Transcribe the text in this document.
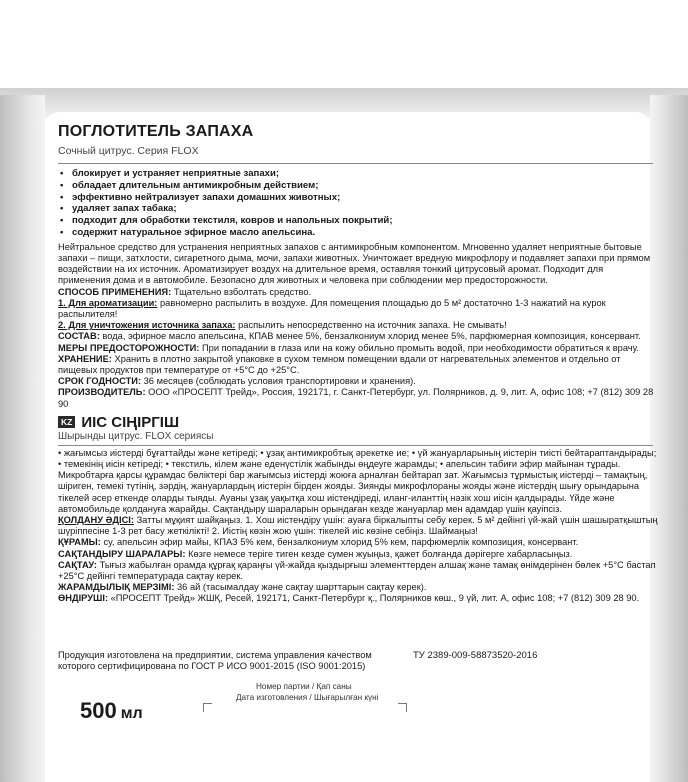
ПОГЛОТИТЕЛЬ ЗАПАХА
Сочный цитрус. Серия FLOX
• блокирует и устраняет неприятные запахи;
• обладает длительным антимикробным действием;
• эффективно нейтрализует запахи домашних животных;
• удаляет запах табака;
• подходит для обработки текстиля, ковров и напольных покрытий;
• содержит натуральное эфирное масло апельсина.

Нейтральное средство для устранения неприятных запахов с антимикробным компонентом. Мгновенно удаляет неприятные бытовые запахи – пищи, затхлости, сигаретного дыма, мочи, запахи животных. Уничтожает вредную микрофлору и подавляет запахи при прямом воздействии на их источник. Ароматизирует воздух на длительное время, оставляя тонкий цитрусовый аромат. Подходит для применения дома и в автомобиле. Безопасно для животных и человека при соблюдении мер предосторожности.

СПОСОБ ПРИМЕНЕНИЯ: Тщательно взболтать средство.

1. Для ароматизации: равномерно распылить в воздухе. Для помещения площадью до 5 м² достаточно 1-3 нажатий на курок распылителя!

2. Для уничтожения источника запаха: распылить непосредственно на источник запаха. Не смывать!

СОСТАВ: вода, эфирное масло апельсина, КПАВ менее 5%, бензалкониум хлорид менее 5%, парфюмерная композиция, консервант.

МЕРЫ ПРЕДОСТОРОЖНОСТИ: При попадании в глаза или на кожу обильно промыть водой, при необходимости обратиться к врачу.

ХРАНЕНИЕ: Хранить в плотно закрытой упаковке в сухом темном помещении вдали от нагревательных элементов и отдельно от пищевых продуктов при температуре от +5°С до +25°С.

СРОК ГОДНОСТИ: 36 месяцев (соблюдать условия транспортировки и хранения).

ПРОИЗВОДИТЕЛЬ: ООО «ПРОСЕПТ Трейд», Россия, 192171, г. Санкт-Петербург, ул. Полярников, д. 9, лит. А, офис 108; +7 (812) 309 28 90

KZ ИІС СІҢІРГІШ
Шырынды цитрус. FLOX сериясы

• жағымсыз иістерді бұғаттайды және кетіреді; • ұзақ антимикробтық әрекетке ие; • үй жануарларының иістерін тиісті бейтараптандырады; • темекінің иісін кетіреді; • текстиль, кілем және еденүстілік жабынды өңдеуге жарамды; • апельсин табиғи эфир майынан тұрады.

Микробтарға қарсы құрамдас бөліктері бар жағымсыз иістерді жоюға арналған бейтарап зат. Жағымсыз тұрмыстық иістерді – тамақтың, шіриген, темекі түтінің, зәрдің, жануарлардың иістерін бірден жояды. Зиянды микрофлораны жояды және иістердің шығу орындарына тікелей әсер еткенде оларды тыяды. Ауаны ұзақ уақытқа хош иістендіреді, иланг-иланттің нәзік хош иісін қалдырады. Үйде және автомобильде қолдануға жарайды. Сақтандыру шараларын орындаған кезде жануарлар мен адамдар үшін қауіпсіз.

ҚОЛДАНУ ӘДІСІ: Затты мұқият шайқаңыз. 1. Хош иістендіру үшін: ауаға біркалыпты себу керек. 5 м² дейінгі үй-жай үшін шашыратқыштың шүріппесіне 1-3 рет басу жеткілікті! 2. Иістің көзін жою үшін: тікелей иіс көзіне себіңіз. Шаймаңыз!

ҚҰРАМЫ: су, апельсин эфир майы, КПАЗ 5% кем, бензалкониум хлорид 5% кем, парфюмерлік композиция, консервант.

САҚТАНДЫРУ ШАРАЛАРЫ: Көзге немесе теріге тиген кезде сумен жуыңыз, қажет болғанда дәрігерге хабарласыңыз.

САҚТАУ: Тығыз жабылған орамда құрғақ қараңғы үй-жайда қыздырғыш элементтерден алшақ және тамақ өнімдерінен бөлек +5°С бастап +25°С дейінгі температурада сақтау керек.

ЖАРАМДЫЛЫҚ МЕРЗІМІ: 36 ай (тасымалдау және сақтау шарттарын сақтау керек).

ӨНДІРУШІ: «ПРОСЕПТ Трейд» ЖШҚ, Ресей, 192171, Санкт-Петербург қ., Полярников көш., 9 үй, лит. А, офис 108; +7 (812) 309 28 90.

Продукция изготовлена на предприятии, система управления качеством которого сертифицирована по ГОСТ Р ИСО 9001-2015 (ISO 9001:2015)
ТУ 2389-009-58873520-2016
Номер партии / Қап саны
Дата изготовления / Шығарылған күні
500 мл
